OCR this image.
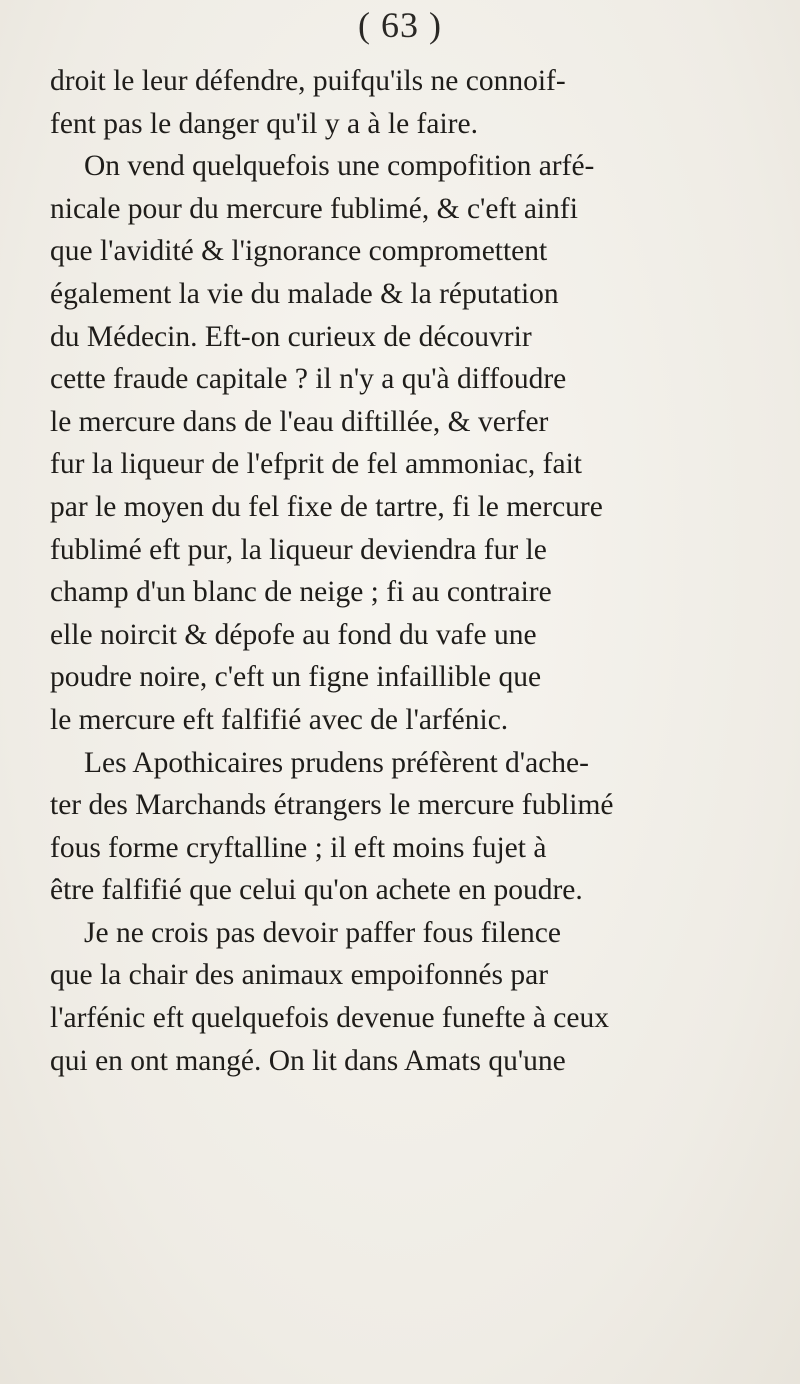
( 63 )
droit le leur défendre, puifqu'ils ne connoif-
fent pas le danger qu'il y a à le faire.
On vend quelquefois une compofition arfé-
nicale pour du mercure fublimé, & c'eft ainfi
que l'avidité & l'ignorance compromettent
également la vie du malade & la réputation
du Médecin. Eft-on curieux de découvrir
cette fraude capitale ? il n'y a qu'à diffoudre
le mercure dans de l'eau diftillée, & verfer
fur la liqueur de l'efprit de fel ammoniac, fait
par le moyen du fel fixe de tartre, fi le mercure
fublimé eft pur, la liqueur deviendra fur le
champ d'un blanc de neige ; fi au contraire
elle noircit & dépofe au fond du vafe une
poudre noire, c'eft un figne infaillible que
le mercure eft falfifié avec de l'arfénic.
Les Apothicaires prudens préfèrent d'ache-
ter des Marchands étrangers le mercure fublimé
fous forme cryftalline ; il eft moins fujet à
être falfifié que celui qu'on achete en poudre.
Je ne crois pas devoir paffer fous filence
que la chair des animaux empoifonnés par
l'arfénic eft quelquefois devenue funefte à ceux
qui en ont mangé. On lit dans Amats qu'une
